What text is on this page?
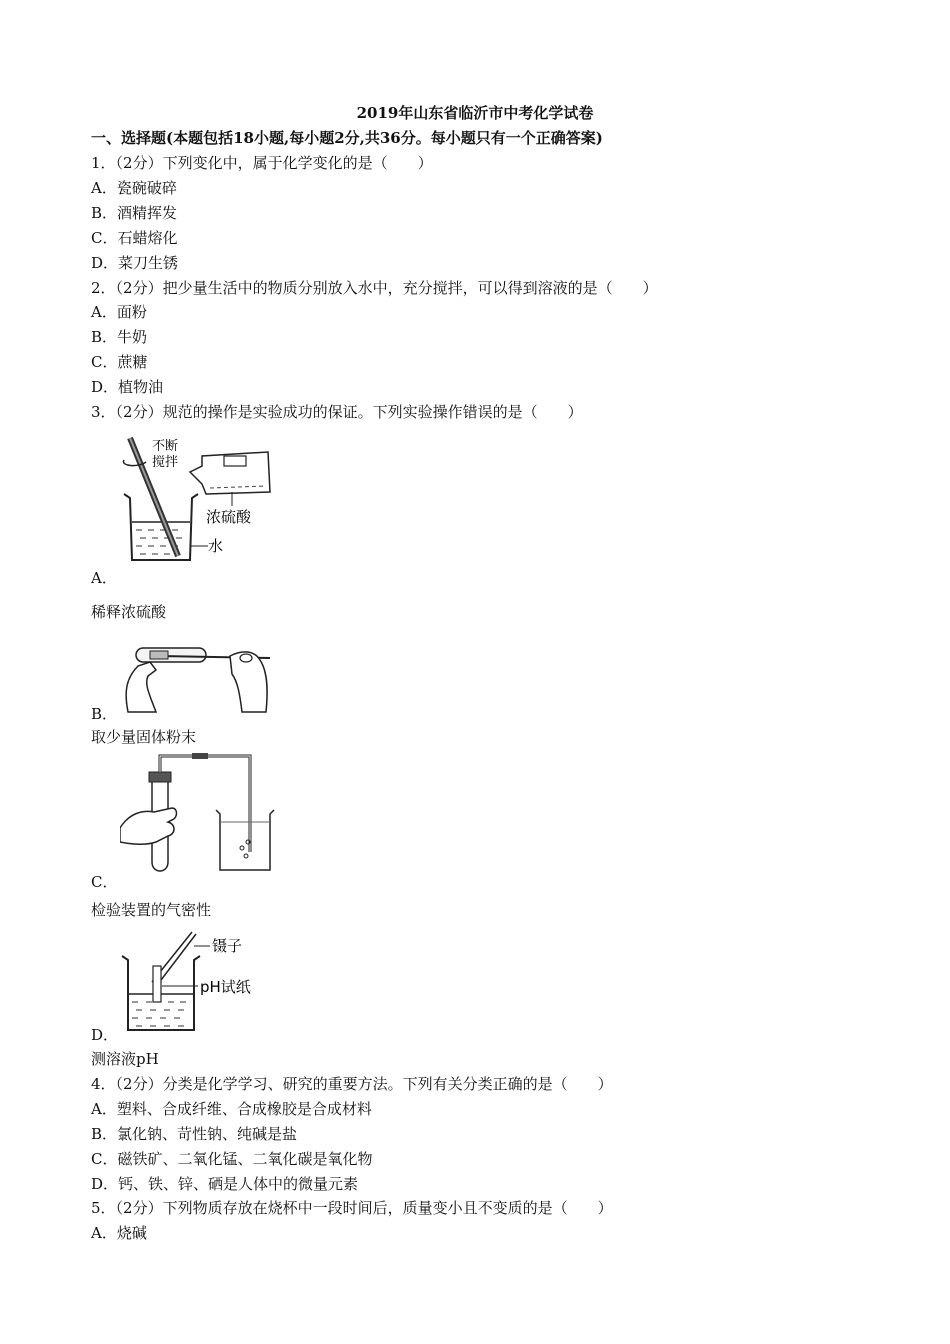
2019年山东省临沂市中考化学试卷
一、选择题(本题包括18小题,每小题2分,共36分。每小题只有一个正确答案)
1．（2分）下列变化中，属于化学变化的是（　　）
A．瓷碗破碎
B．酒精挥发
C．石蜡熔化
D．菜刀生锈
2．（2分）把少量生活中的物质分别放入水中，充分搅拌，可以得到溶液的是（　　）
A．面粉
B．牛奶
C．蔗糖
D．植物油
3．（2分）规范的操作是实验成功的保证。下列实验操作错误的是（　　）
不断
搅拌
浓硫酸
水
A．
稀释浓硫酸
B．
取少量固体粉末
C．
检验装置的气密性
镊子
pH试纸
D．
测溶液pH
4．（2分）分类是化学学习、研究的重要方法。下列有关分类正确的是（　　）
A．塑料、合成纤维、合成橡胶是合成材料
B．氯化钠、苛性钠、纯碱是盐
C．磁铁矿、二氧化锰、二氧化碳是氧化物
D．钙、铁、锌、硒是人体中的微量元素
5．（2分）下列物质存放在烧杯中一段时间后，质量变小且不变质的是（　　）
A．烧碱
